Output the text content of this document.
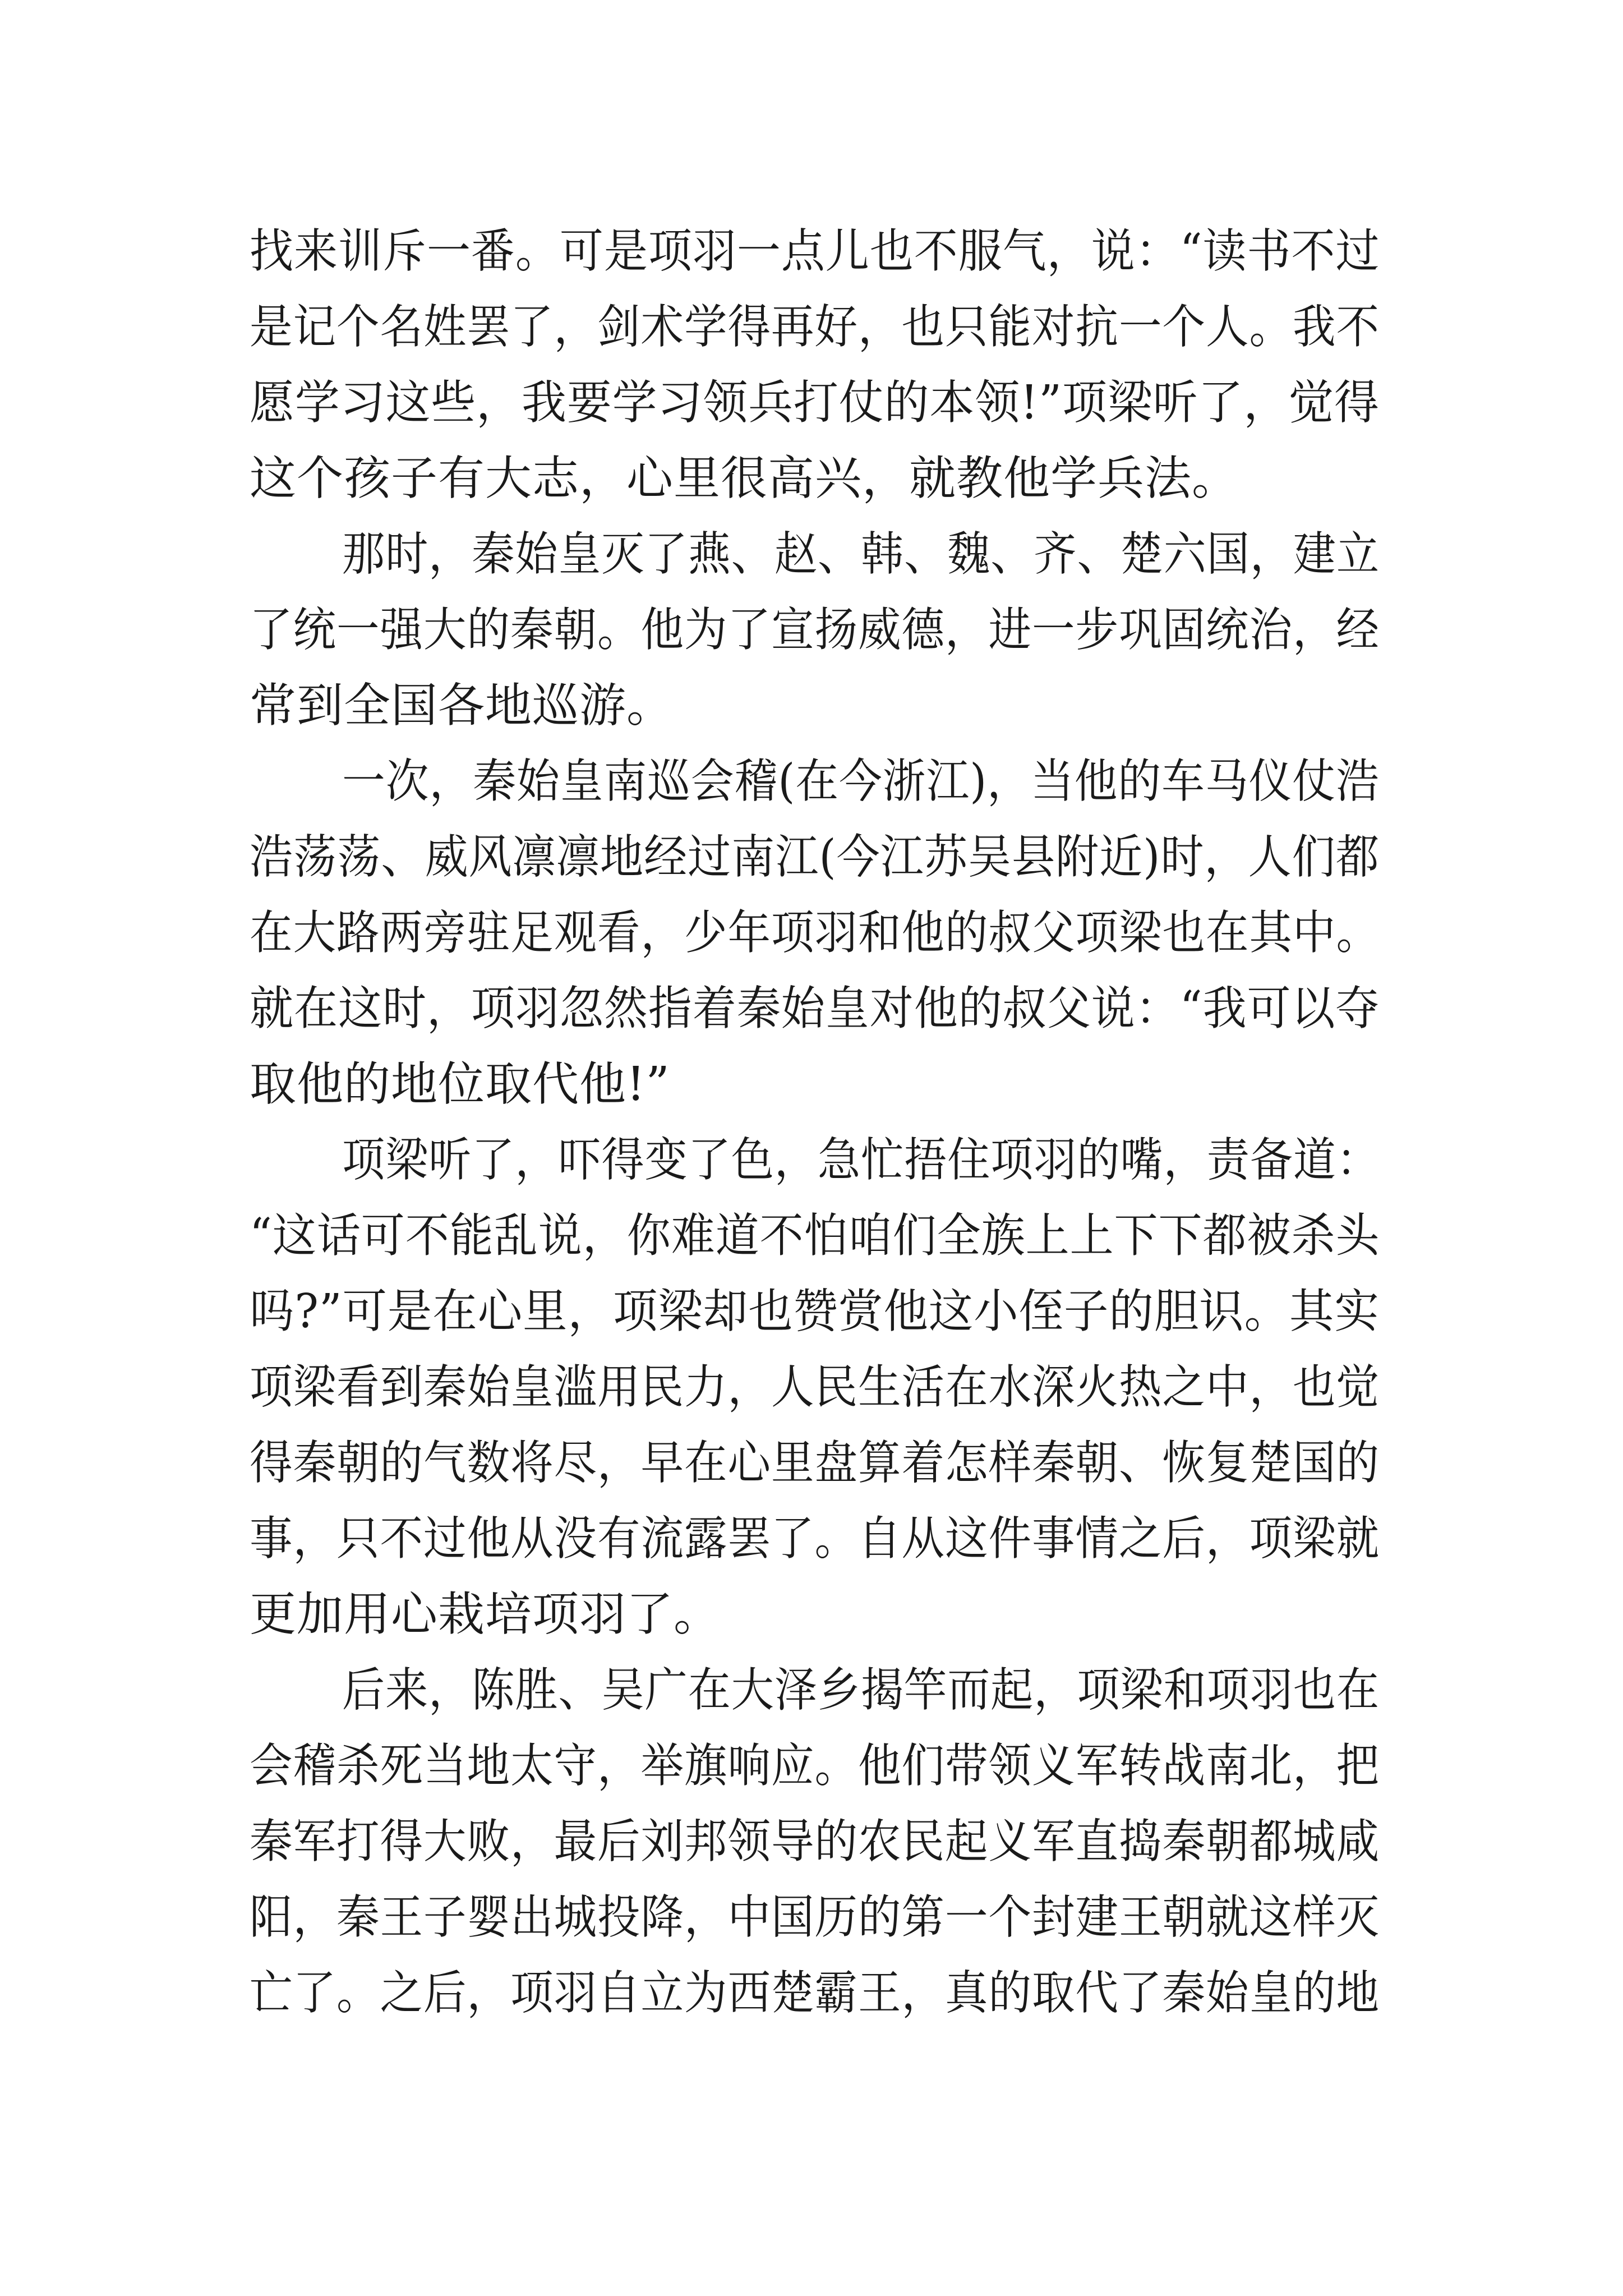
找来训斥一番。可是项羽一点儿也不服气，说：“读书不过
是记个名姓罢了，剑术学得再好，也只能对抗一个人。我不
愿学习这些，我要学习领兵打仗的本领!”项梁听了，觉得
这个孩子有大志，心里很高兴，就教他学兵法。
那时，秦始皇灭了燕、赵、韩、魏、齐、楚六国，建立
了统一强大的秦朝。他为了宣扬威德，进一步巩固统治，经
常到全国各地巡游。
一次，秦始皇南巡会稽(在今浙江)，当他的车马仪仗浩
浩荡荡、威风凛凛地经过南江(今江苏吴县附近)时，人们都
在大路两旁驻足观看，少年项羽和他的叔父项梁也在其中。
就在这时，项羽忽然指着秦始皇对他的叔父说：“我可以夺
取他的地位取代他!”
项梁听了，吓得变了色，急忙捂住项羽的嘴，责备道：
“这话可不能乱说，你难道不怕咱们全族上上下下都被杀头
吗?”可是在心里，项梁却也赞赏他这小侄子的胆识。其实
项梁看到秦始皇滥用民力，人民生活在水深火热之中，也觉
得秦朝的气数将尽，早在心里盘算着怎样秦朝、恢复楚国的
事，只不过他从没有流露罢了。自从这件事情之后，项梁就
更加用心栽培项羽了。
后来，陈胜、吴广在大泽乡揭竿而起，项梁和项羽也在
会稽杀死当地太守，举旗响应。他们带领义军转战南北，把
秦军打得大败，最后刘邦领导的农民起义军直捣秦朝都城咸
阳，秦王子婴出城投降，中国历的第一个封建王朝就这样灭
亡了。之后，项羽自立为西楚霸王，真的取代了秦始皇的地
